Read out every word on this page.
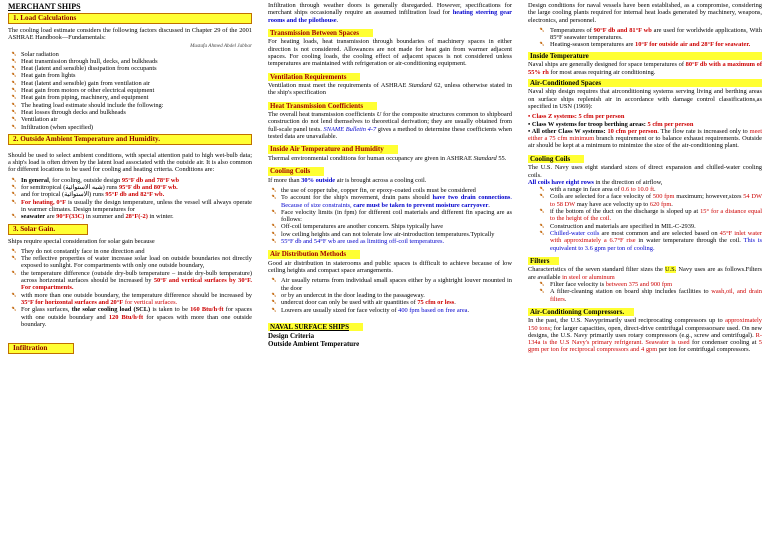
MERCHANT SHIPS
1. Load Calculations

The cooling load estimate considers the following factors discussed in Chapter 29 of the 2001 ASHRAE Handbook—Fundamentals:

Mustafa Ahmed Abdel Jabbar
➷ Solar radiation
➷ Heat transmission through hull, decks, and bulkheads
➷ Heat (latent and sensible) dissipation from occupants
➷ Heat gain from lights
➷ Heat (latent and sensible) gain from ventilation air
➷ Heat gain from motors or other electrical equipment
➷ Heat gain from piping, machinery, and equipment
➷ The heating load estimate should include the following:
➷ Heat losses through decks and bulkheads
➷ Ventilation air
➷ Infiltration (when specified)
2. Outside Ambient Temperature and Humidity.

Should be used to select ambient conditions, with special attention paid to high wet-bulb data; a ship's load is often driven by the latent load associated with the outside air. It is also common for different locations to be used for cooling and heating criteria. Conditions are:

➷ In general, for cooling, outside design 95°F db and 78°F wb
➷ for semitropical (شبه الاستوائية) runs 95°F db and 80°F wb.
➷ and for tropical (الاستوائية) runs 95°F db and 82°F wb.
➷ For heating, 0°F is usually the design temperature, unless the vessel will always operate in warmer climates. Design temperatures for
➷ seawater are 90°F(33C) in summer and 28°F(-2) in winter.
3. Solar Gain.

Ships require special consideration for solar gain because

➷ They do not constantly face in one direction and
➷ The reflective properties of water increase solar load on outside boundaries not directly exposed to sunlight. For compartments with only one outside boundary,
➷ the temperature difference (outside dry-bulb temperature – inside dry-bulb temperature) across horizontal surfaces should be increased by 50°F and vertical surfaces by 30°F. For compartments.
➷ with more than one outside boundary, the temperature difference should be increased by 35°F for horizontal surfaces and 20°F for vertical surfaces.
➷ For glass surfaces, the solar cooling load (SCL) is taken to be 160 Btu/h·ft for spaces with one outside boundary and 120 Btu/h·ft for spaces with more than one outside boundary.
Infiltration

Infiltration through weather doors is generally disregarded. However, specifications for merchant ships occasionally require an assumed infiltration load for heating steering gear rooms and the pilothouse.

Transmission Between Spaces

For heating loads, heat transmission through boundaries of machinery spaces in either direction is not considered. Allowances are not made for heat gain from warmer adjacent spaces. For cooling loads, the cooling effect of adjacent spaces is not considered unless temperatures are maintained with refrigeration or air-conditioning equipment.

Ventilation Requirements

Ventilation must meet the requirements of ASHRAE Standard 62, unless otherwise stated in the ship's specification

Heat Transmission Coefficients

The overall heat transmission coefficients U for the composite structures common to shipboard construction do not lend themselves to theoretical derivation; they are usually obtained from full-scale panel tests. SNAME Bulletin 4-7 gives a method to determine these coefficients when tested data are unavailable.

Inside Air Temperature and Humidity

Thermal environmental conditions for human occupancy are given in ASHRAE Standard 55.

Cooling Coils

If more than 30% outside air is brought across a cooling coil.

➷ the use of copper tube, copper fin, or epoxy-coated coils must be considered
➷ To account for the ship's movement, drain pans should have two drain connections. Because of size constraints, care must be taken to prevent moisture carryover.
➷ Face velocity limits (in fpm) for different coil materials and different fin spacing are as follows:
➷ Off-coil temperatures are another concern. Ships typically have
➷ low ceiling heights and can not tolerate low air-introduction temperatures.Typically
➷ 55°F db and 54°F wb are used as limiting off-coil temperatures.
Air Distribution Methods

Good air distribution in staterooms and public spaces is difficult to achieve because of low ceiling heights and compact space arrangements.

➷ Air usually returns from individual small spaces either by a sightright louver mounted in the door
➷ or by an undercut in the door leading to the passageway.
➷ undercut door can only be used with air quantities of 75 cfm or less.
➷ Louvers are usually sized for face velocity of 400 fpm based on free area.
NAVAL SURFACE SHIPS
Design Criteria
Outside Ambient Temperature

Design conditions for naval vessels have been established, as a compromise, considering the large cooling plants required for internal heat loads generated by machinery, weapons, electronics, and personnel.

➷ Temperatures of 90°F db and 81°F wb are used for worldwide applications, With 85°F seawater temperatures.
➷ Heating-season temperatures are 10°F for outside air and 28°F for seawater.
Inside Temperature

Naval ships are generally designed for space temperatures of 80°F db with a maximum of 55% rh for most areas requiring air conditioning.

Air-Conditioned Spaces

Naval ship design requires that airconditioning systems serving living and berthing areas on surface ships replenish air in accordance with damage control classifications,as specified in USN (1969):

• Class Z systems: 5 cfm per person

• Class W systems for troop berthing areas: 5 cfm per person

• All other Class W systems: 10 cfm per person. The flow rate is increased only to meet either a 75 cfm minimum branch requirement or to balance exhaust requirements. Outside air should be kept at a minimum to minimize the size of the air-conditioning plant.

Cooling Coils

The U.S. Navy uses eight standard sizes of direct expansion and chilled-water cooling coils.

All coils have eight rows in the direction of airflow,

➷ with a range in face area of 0.6 to 10.0 ft.
➷ Coils are selected for a face velocity of 500 fpm maximum; however,sizes 54 DW to 58 DW may have ace velocity up to 620 fpm.
➷ if the bottom of the duct on the discharge is sloped up at 15° for a distance equal to the height of the coil.
➷ Construction and materials are specified in MIL-C-2939.
➷ Chilled-water coils are most common and are selected based on 45°F inlet water with approximately a 6.7°F rise in water temperature through the coil. This is equivalent to 3.6 gpm per ton of cooling.
Filters

Characteristics of the seven standard filter sizes the U.S. Navy uses are as follows.Filters are available in steel or aluminum

➷ Filter face velocity is between 375 and 900 fpm
➷ A filter-cleaning station on board ship includes facilities to wash,oil, and drain filters.
Air-Conditioning Compressors.

In the past, the U.S. Navyprimarily used reciprocating compressors up to approximately 150 tons; for larger capacities, open, direct-drive centrifugal compressorsare used. On new designs, the U.S. Navy primarily uses rotary compressors (e.g., screw and centrifugal). R-134a is the U.S Navy's primary refrigerant. Seawater is used for condenser cooling at 5 gpm per ton for reciprocal compressors and 4 gpm per ton for centrifugal compressors.
